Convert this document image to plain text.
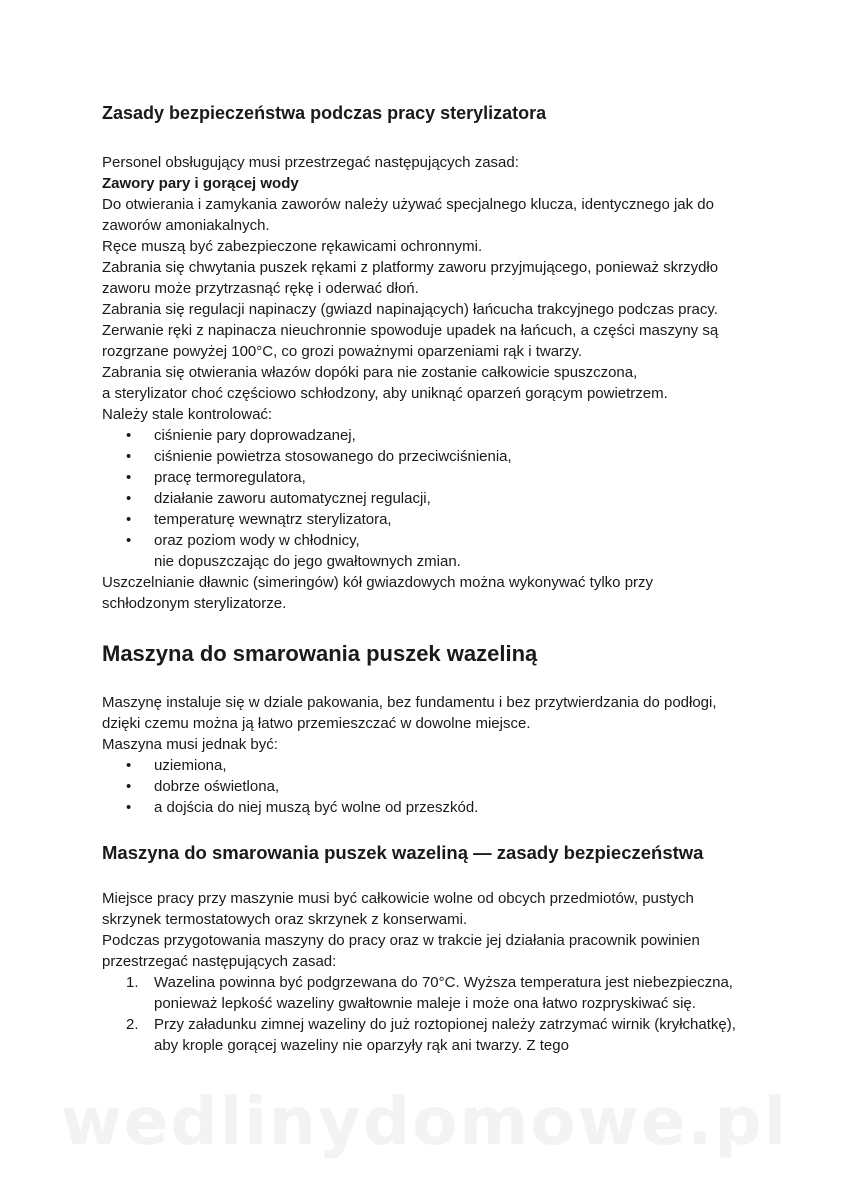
Zasady bezpieczeństwa podczas pracy sterylizatora

Personel obsługujący musi przestrzegać następujących zasad:

Zawory pary i gorącej wody

Do otwierania i zamykania zaworów należy używać specjalnego klucza, identycznego jak do zaworów amoniakalnych.

Ręce muszą być zabezpieczone rękawicami ochronnymi.

Zabrania się chwytania puszek rękami z platformy zaworu przyjmującego, ponieważ skrzydło zaworu może przytrzasnąć rękę i oderwać dłoń.

Zabrania się regulacji napinaczy (gwiazd napinających) łańcucha trakcyjnego podczas pracy.

Zerwanie ręki z napinacza nieuchronnie spowoduje upadek na łańcuch, a części maszyny są rozgrzane powyżej 100°C, co grozi poważnymi oparzeniami rąk i twarzy.

Zabrania się otwierania włazów dopóki para nie zostanie całkowicie spuszczona,

a sterylizator choć częściowo schłodzony, aby uniknąć oparzeń gorącym powietrzem.

Należy stale kontrolować:

• ciśnienie pary doprowadzanej,
• ciśnienie powietrza stosowanego do przeciwciśnienia,
• pracę termoregulatora,
• działanie zaworu automatycznej regulacji,
• temperaturę wewnątrz sterylizatora,
• oraz poziom wody w chłodnicy,
nie dopuszczając do jego gwałtownych zmian.

Uszczelnianie dławnic (simeringów) kół gwiazdowych można wykonywać tylko przy schłodzonym sterylizatorze.

Maszyna do smarowania puszek wazeliną

Maszynę instaluje się w dziale pakowania, bez fundamentu i bez przytwierdzania do podłogi, dzięki czemu można ją łatwo przemieszczać w dowolne miejsce.

Maszyna musi jednak być:

• uziemiona,
• dobrze oświetlona,
• a dojścia do niej muszą być wolne od przeszkód.
Maszyna do smarowania puszek wazeliną — zasady bezpieczeństwa

Miejsce pracy przy maszynie musi być całkowicie wolne od obcych przedmiotów, pustych skrzynek termostatowych oraz skrzynek z konserwami.

Podczas przygotowania maszyny do pracy oraz w trakcie jej działania pracownik powinien przestrzegać następujących zasad:

1. Wazelina powinna być podgrzewana do 70°C. Wyższa temperatura jest niebezpieczna, ponieważ lepkość wazeliny gwałtownie maleje i może ona łatwo rozpryskiwać się.
2. Przy załadunku zimnej wazeliny do już roztopionej należy zatrzymać wirnik (kryłchatkę), aby krople gorącej wazeliny nie oparzyły rąk ani twarzy. Z tego
wedlinydomowe.pl
